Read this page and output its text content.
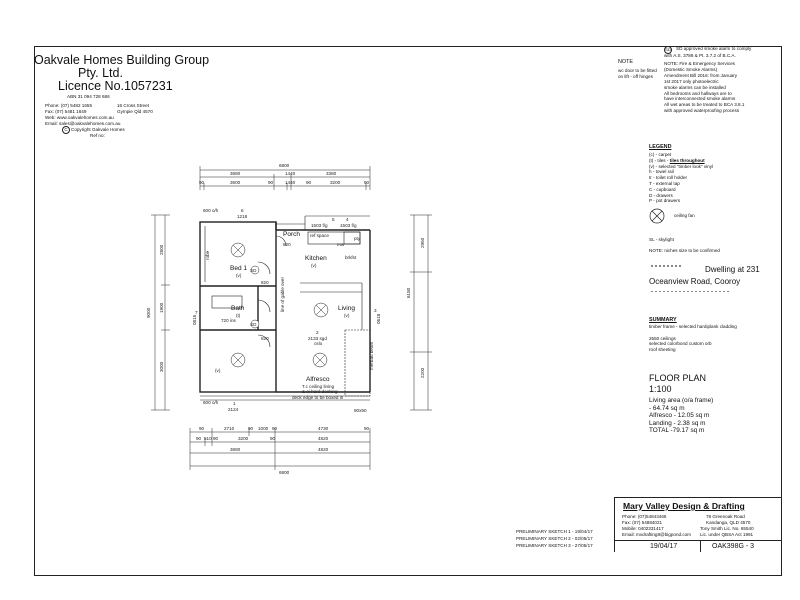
Oakvale Homes Building Group
Pty. Ltd.
Licence No.1057231
ABN 31 094 728 686
Phone: (07) 5482 1655	16 Cross Street
Fax: (07) 5481 1649	Gympie Qld 4570
Web: www.oakvalehomes.com.au
Email: sales@oakvalehomes.com.au
C Copyright Oakvale Homes
Ref no:
NOTE
wc door to be fitted
on lift - off hinges
SD SD approved smoke alarm to comply
with A.S. 3786 & Pt. 3.7.2 of B.C.A.
NOTE: Fire & Emergency Services
(Domestic Smoke Alarms)
Amendment Bill 2016: from January
1st 2017 only photoelectric
smoke alarms can be installed
All bedrooms and hallways are to
have interconnected smoke alarms
All wet areas to be treated to BCA 3.8.1
with approved waterproofing process
LEGEND
(c) - carpet
(t) - tiles - tiles throughout
(v) - selected "timber look" vinyl
h - towel rail
tr - toilet roll holder
T - external tap
C - cupboard
D - drawers
P - pot drawers
ceiling fan
SL - skylight
NOTE: niches size to be confirmed
Dwelling at 231
Oceanview Road, Cooroy
SUMMARY
timber frame - selected hardiplank cladding
2550 ceilings
selected colorbond custom orb
roof sheeting
FLOOR PLAN
1:100
Living area (o/a frame)
- 64.74 sq m
Alfresco - 12.05 sq m
Landing - 2.38 sq m
TOTAL -79.17 sq m
Mary Valley Design & Drafting
Phone: (07)54843466
Fax: (07) 54884021
Mobile: 0402331417
Email: mvdrafting8@bigpond.com
78 Greenoak Road
Kandanga, QLD 4570
Tony Smith Lic. No. 65540
Lic. under QBSA Act 1991
19/04/17	OAK398G - 3
PRELIMINARY SKETCH 1 - 19/04/17
PRELIMINARY SKETCH 2 - 02/05/17
PRELIMINARY SKETCH 3 - 27/05/17
6800
3680	1440	3380
90	3600	90	1440 90	3200	90
90	2710	90 1000 90	4730	90
90 510 90	3200	90	4820
3680	4820
6800
9000
2800
1900
3000
6180
2950
2200
Porch
Kitchen
(v)
Bed 1
(v)
Bath
(t)
Living
(v)
(v)
Alfresco
T.c ceiling lining
& ei hard decking
deck edge to be boxed in
2
2133 sgd
cslo
4
1503 f/g
5
1503 f/g
6
1218
1
2124
3
0618
7
0815
SD
SD
820
820
820
720 ins
robe
ref space
brkfst
mw
pty
merbau beam
90x90
600 o/h
600 o/h
line of gable over
